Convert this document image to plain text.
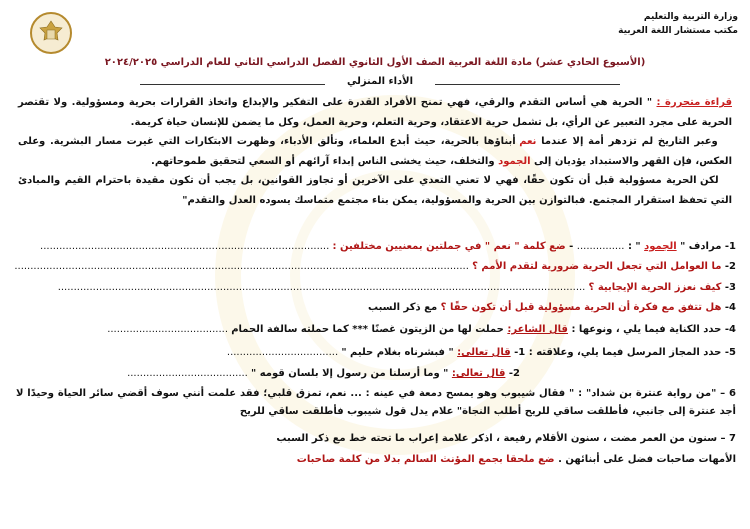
وزارة التربية والتعليم
مكتب مستشار اللغة العربية
(الأسبوع الحادي عشر) مادة اللغة العربية الصف الأول الثانوي الفصل الدراسي الثاني للعام الدراسي ٢٠٢٤/٢٠٢٥
الأداء المنزلي

قراءة متحررة : " الحرية هي أساس التقدم والرقي، فهي تمنح الأفراد القدرة على التفكير والإبداع واتخاذ القرارات بحرية ومسؤولية. ولا تقتصر الحرية على مجرد التعبير عن الرأي، بل تشمل حرية الاعتقاد، وحرية التعلم، وحرية العمل، وكل ما يضمن للإنسان حياة كريمة.

وعبر التاريخ لم تزدهر أمة إلا عندما نعم أبناؤها بالحرية، حيث أبدع العلماء، وتألق الأدباء، وظهرت الابتكارات التي غيرت مسار البشرية. وعلى العكس، فإن القهر والاستبداد يؤديان إلى الجمود والتخلف، حيث يخشى الناس إبداء آرائهم أو السعي لتحقيق طموحاتهم.

لكن الحرية مسؤولية قبل أن تكون حقًا، فهي لا تعني التعدي على الآخرين أو تجاوز القوانين، بل يجب أن تكون مقيدة باحترام القيم والمبادئ التي تحفظ استقرار المجتمع. فبالتوازن بين الحرية والمسؤولية، يمكن بناء مجتمع متماسك يسوده العدل والتقدم"

1- مرادف " الجمود " : ............... - ضع كلمة " نعم " في جملتين بمعنيين مختلفين : ...........................................................................................
2- ما العوامل التي تجعل الحرية ضرورية لتقدم الأمم ؟ ...............................................................................................................................................
3- كيف نعزز الحرية الإيجابية ؟ ......................................................................................................................................................................
4- هل تتفق مع فكرة أن الحرية مسؤولية قبل أن تكون حقًا ؟ مع ذكر السبب
4- حدد الكناية فيما يلي ، ونوعها : قال الشاعر: حملت لها من الزيتون غصنًا *** كما حملته سالفة الحمام ......................................
5- حدد المجاز المرسل فيما يلي، وعلاقته : 1- قال تعالى: " فبشرناه بغلام حليم " ...................................
2- قال تعالى: " وما أرسلنا من رسول إلا بلسان قومه " ......................................
6 – "من رواية عنترة بن شداد" : " فقال شيبوب وهو يمسح دمعة في عينه : ... نعم، تمزق قلبي؛ فقد علمت أنني سوف أقضي سائر الحياة وحيدًا لا أجد عنترة إلى جانبي، فأطلقت ساقي للريح أطلب النجاة" علام يدل قول شيبوب فأطلقت ساقي للريح
7 – سنون من العمر مضت ، سنون الأقلام رفيعة ، اذكر علامة إعراب ما تحته خط مع ذكر السبب
الأمهات صاحبات فضل على أبنائهن . ضع ملحقا بجمع المؤنث السالم بدلا من كلمة صاحبات
